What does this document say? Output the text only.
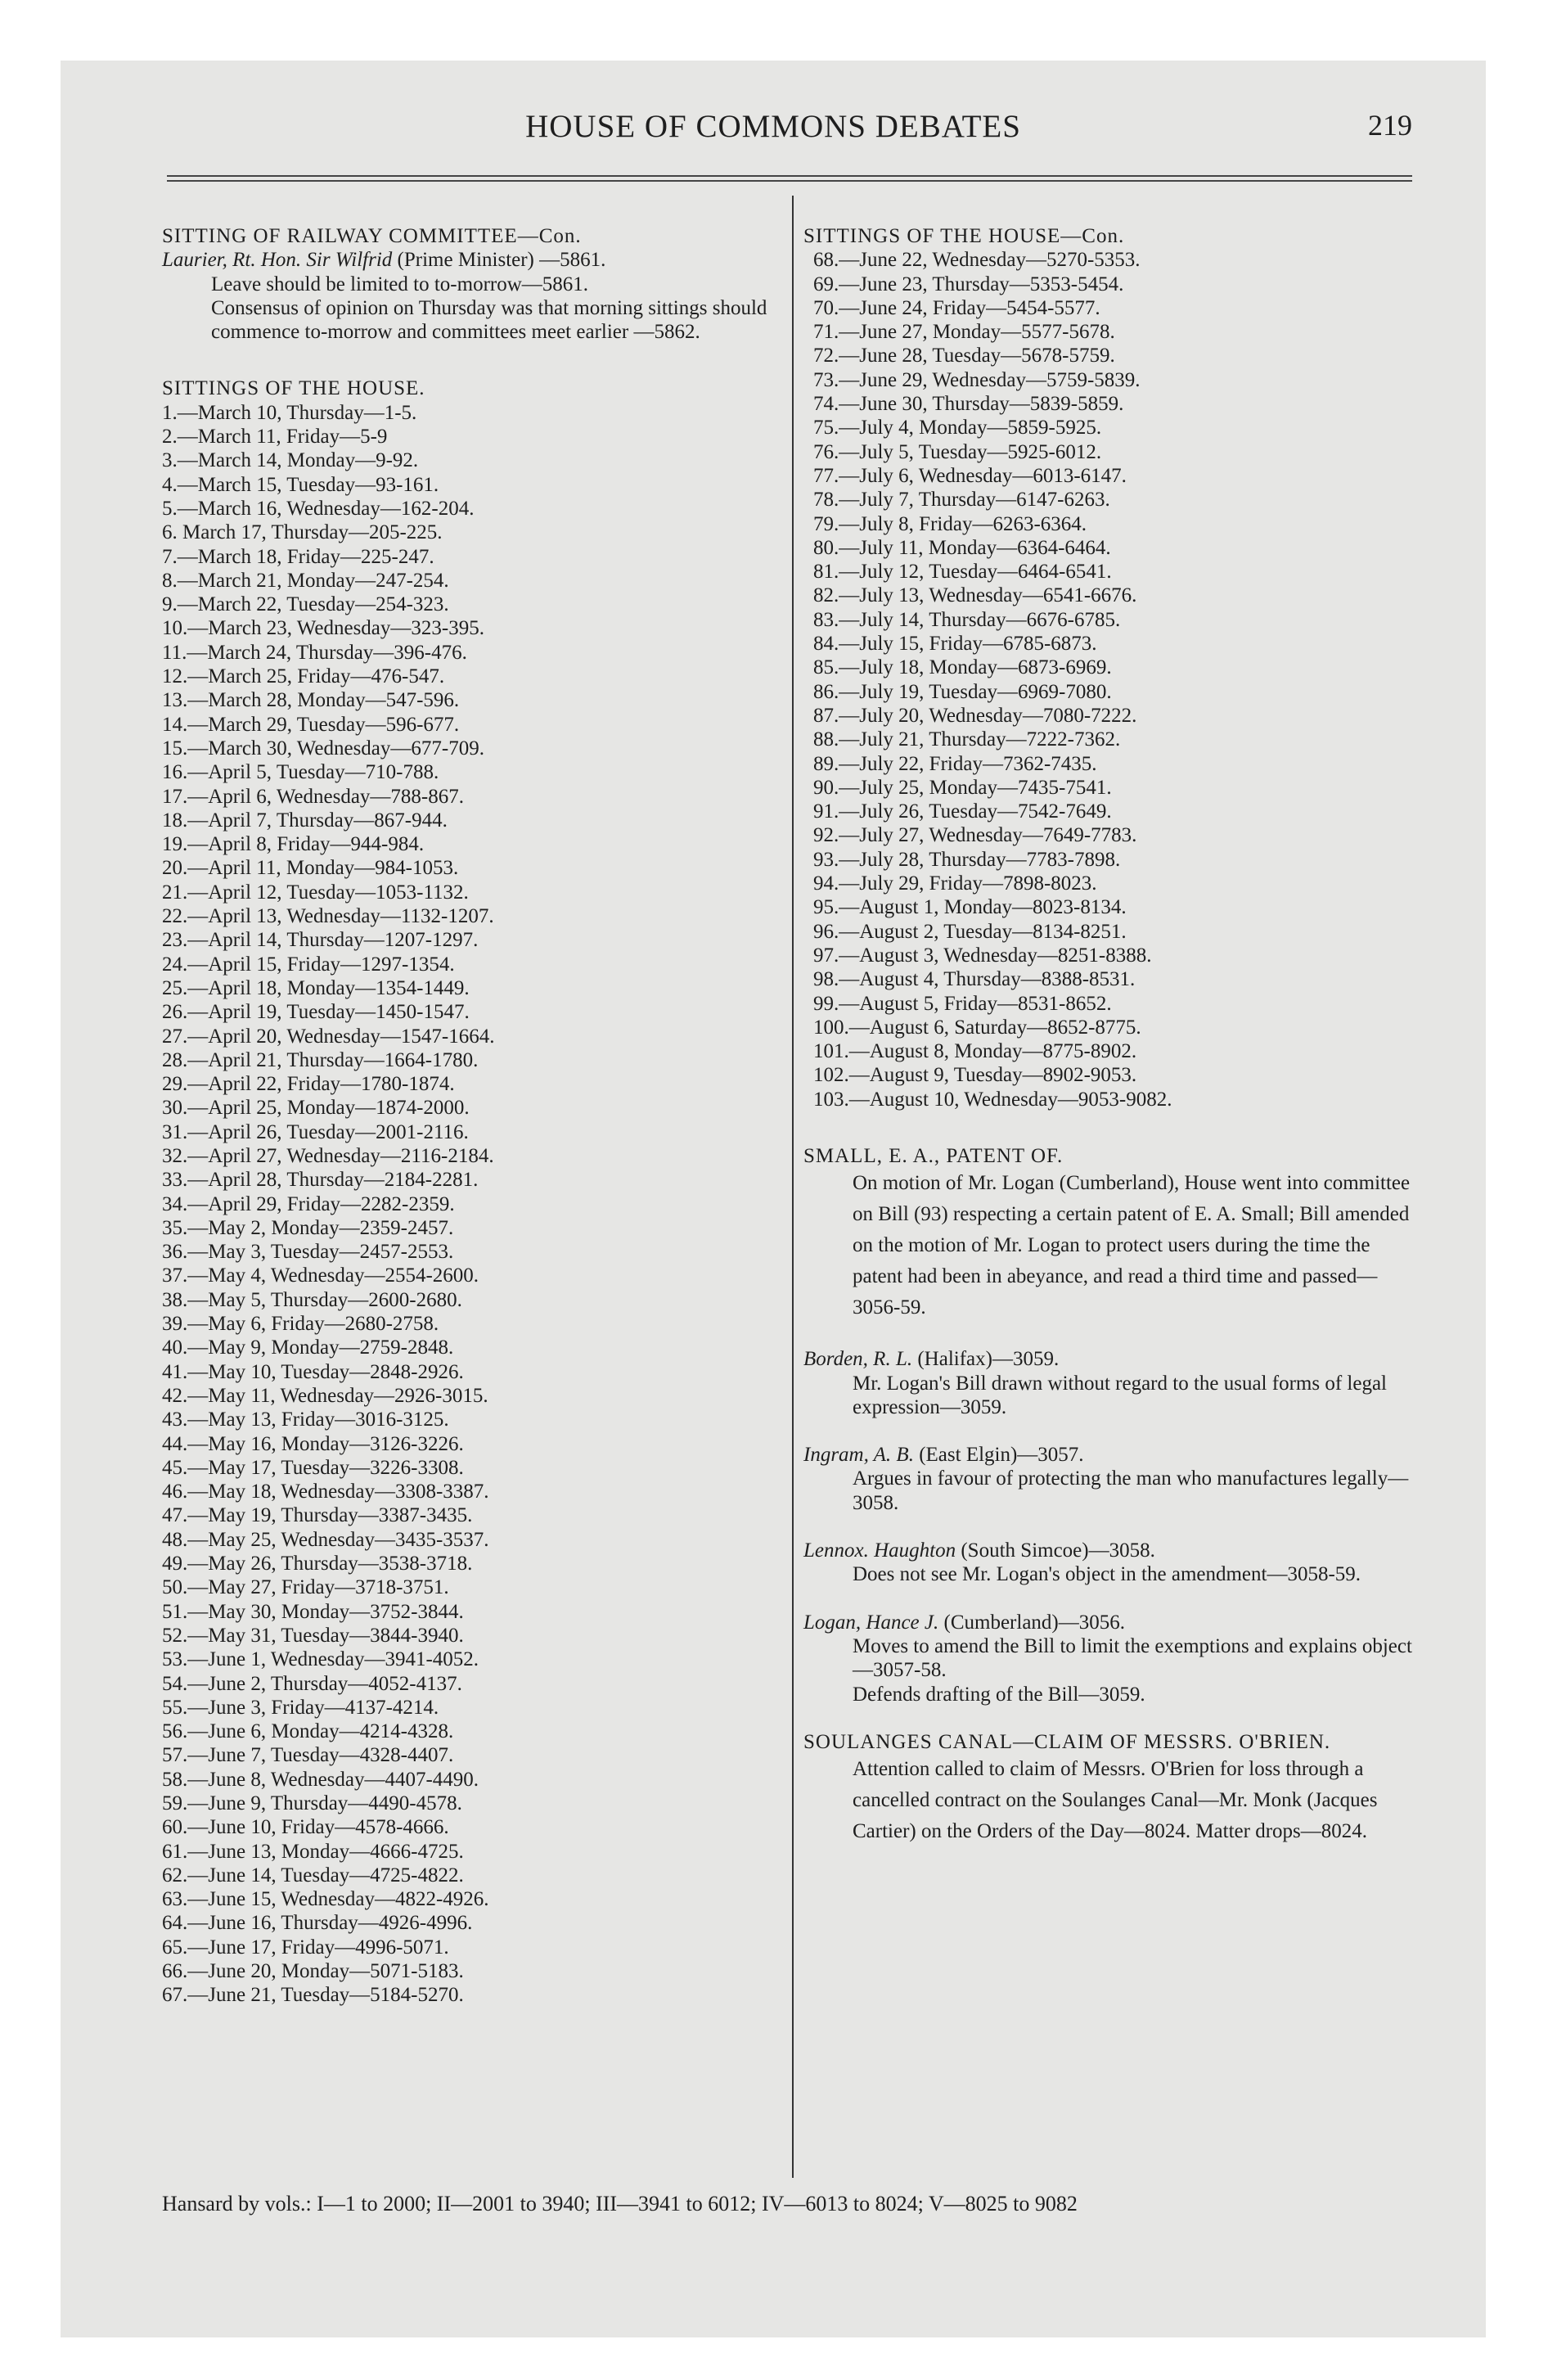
HOUSE OF COMMONS DEBATES	219
SITTING OF RAILWAY COMMITTEE—Con.
Laurier, Rt. Hon. Sir Wilfrid (Prime Minister) —5861.
Leave should be limited to to-morrow—5861.
Consensus of opinion on Thursday was that morning sittings should commence to-morrow and committees meet earlier —5862.
SITTINGS OF THE HOUSE.
1.—March 10, Thursday—1-5.
2.—March 11, Friday—5-9
3.—March 14, Monday—9-92.
4.—March 15, Tuesday—93-161.
5.—March 16, Wednesday—162-204.
6. March 17, Thursday—205-225.
7.—March 18, Friday—225-247.
8.—March 21, Monday—247-254.
9.—March 22, Tuesday—254-323.
10.—March 23, Wednesday—323-395.
11.—March 24, Thursday—396-476.
12.—March 25, Friday—476-547.
13.—March 28, Monday—547-596.
14.—March 29, Tuesday—596-677.
15.—March 30, Wednesday—677-709.
16.—April 5, Tuesday—710-788.
17.—April 6, Wednesday—788-867.
18.—April 7, Thursday—867-944.
19.—April 8, Friday—944-984.
20.—April 11, Monday—984-1053.
21.—April 12, Tuesday—1053-1132.
22.—April 13, Wednesday—1132-1207.
23.—April 14, Thursday—1207-1297.
24.—April 15, Friday—1297-1354.
25.—April 18, Monday—1354-1449.
26.—April 19, Tuesday—1450-1547.
27.—April 20, Wednesday—1547-1664.
28.—April 21, Thursday—1664-1780.
29.—April 22, Friday—1780-1874.
30.—April 25, Monday—1874-2000.
31.—April 26, Tuesday—2001-2116.
32.—April 27, Wednesday—2116-2184.
33.—April 28, Thursday—2184-2281.
34.—April 29, Friday—2282-2359.
35.—May 2, Monday—2359-2457.
36.—May 3, Tuesday—2457-2553.
37.—May 4, Wednesday—2554-2600.
38.—May 5, Thursday—2600-2680.
39.—May 6, Friday—2680-2758.
40.—May 9, Monday—2759-2848.
41.—May 10, Tuesday—2848-2926.
42.—May 11, Wednesday—2926-3015.
43.—May 13, Friday—3016-3125.
44.—May 16, Monday—3126-3226.
45.—May 17, Tuesday—3226-3308.
46.—May 18, Wednesday—3308-3387.
47.—May 19, Thursday—3387-3435.
48.—May 25, Wednesday—3435-3537.
49.—May 26, Thursday—3538-3718.
50.—May 27, Friday—3718-3751.
51.—May 30, Monday—3752-3844.
52.—May 31, Tuesday—3844-3940.
53.—June 1, Wednesday—3941-4052.
54.—June 2, Thursday—4052-4137.
55.—June 3, Friday—4137-4214.
56.—June 6, Monday—4214-4328.
57.—June 7, Tuesday—4328-4407.
58.—June 8, Wednesday—4407-4490.
59.—June 9, Thursday—4490-4578.
60.—June 10, Friday—4578-4666.
61.—June 13, Monday—4666-4725.
62.—June 14, Tuesday—4725-4822.
63.—June 15, Wednesday—4822-4926.
64.—June 16, Thursday—4926-4996.
65.—June 17, Friday—4996-5071.
66.—June 20, Monday—5071-5183.
67.—June 21, Tuesday—5184-5270.
SITTINGS OF THE HOUSE—Con.
68.—June 22, Wednesday—5270-5353.
69.—June 23, Thursday—5353-5454.
70.—June 24, Friday—5454-5577.
71.—June 27, Monday—5577-5678.
72.—June 28, Tuesday—5678-5759.
73.—June 29, Wednesday—5759-5839.
74.—June 30, Thursday—5839-5859.
75.—July 4, Monday—5859-5925.
76.—July 5, Tuesday—5925-6012.
77.—July 6, Wednesday—6013-6147.
78.—July 7, Thursday—6147-6263.
79.—July 8, Friday—6263-6364.
80.—July 11, Monday—6364-6464.
81.—July 12, Tuesday—6464-6541.
82.—July 13, Wednesday—6541-6676.
83.—July 14, Thursday—6676-6785.
84.—July 15, Friday—6785-6873.
85.—July 18, Monday—6873-6969.
86.—July 19, Tuesday—6969-7080.
87.—July 20, Wednesday—7080-7222.
88.—July 21, Thursday—7222-7362.
89.—July 22, Friday—7362-7435.
90.—July 25, Monday—7435-7541.
91.—July 26, Tuesday—7542-7649.
92.—July 27, Wednesday—7649-7783.
93.—July 28, Thursday—7783-7898.
94.—July 29, Friday—7898-8023.
95.—August 1, Monday—8023-8134.
96.—August 2, Tuesday—8134-8251.
97.—August 3, Wednesday—8251-8388.
98.—August 4, Thursday—8388-8531.
99.—August 5, Friday—8531-8652.
100.—August 6, Saturday—8652-8775.
101.—August 8, Monday—8775-8902.
102.—August 9, Tuesday—8902-9053.
103.—August 10, Wednesday—9053-9082.
SMALL, E. A., PATENT OF.
On motion of Mr. Logan (Cumberland), House went into committee on Bill (93) respecting a certain patent of E. A. Small; Bill amended on the motion of Mr. Logan to protect users during the time the patent had been in abeyance, and read a third time and passed—3056-59.
Borden, R. L. (Halifax)—3059.
Mr. Logan's Bill drawn without regard to the usual forms of legal expression—3059.
Ingram, A. B. (East Elgin)—3057.
Argues in favour of protecting the man who manufactures legally—3058.
Lennox. Haughton (South Simcoe)—3058.
Does not see Mr. Logan's object in the amendment—3058-59.
Logan, Hance J. (Cumberland)—3056.
Moves to amend the Bill to limit the exemptions and explains object—3057-58.
Defends drafting of the Bill—3059.
SOULANGES CANAL—CLAIM OF MESSRS. O'BRIEN.
Attention called to claim of Messrs. O'Brien for loss through a cancelled contract on the Soulanges Canal—Mr. Monk (Jacques Cartier) on the Orders of the Day—8024. Matter drops—8024.
Hansard by vols.: I—1 to 2000; II—2001 to 3940; III—3941 to 6012; IV—6013 to 8024; V—8025 to 9082
